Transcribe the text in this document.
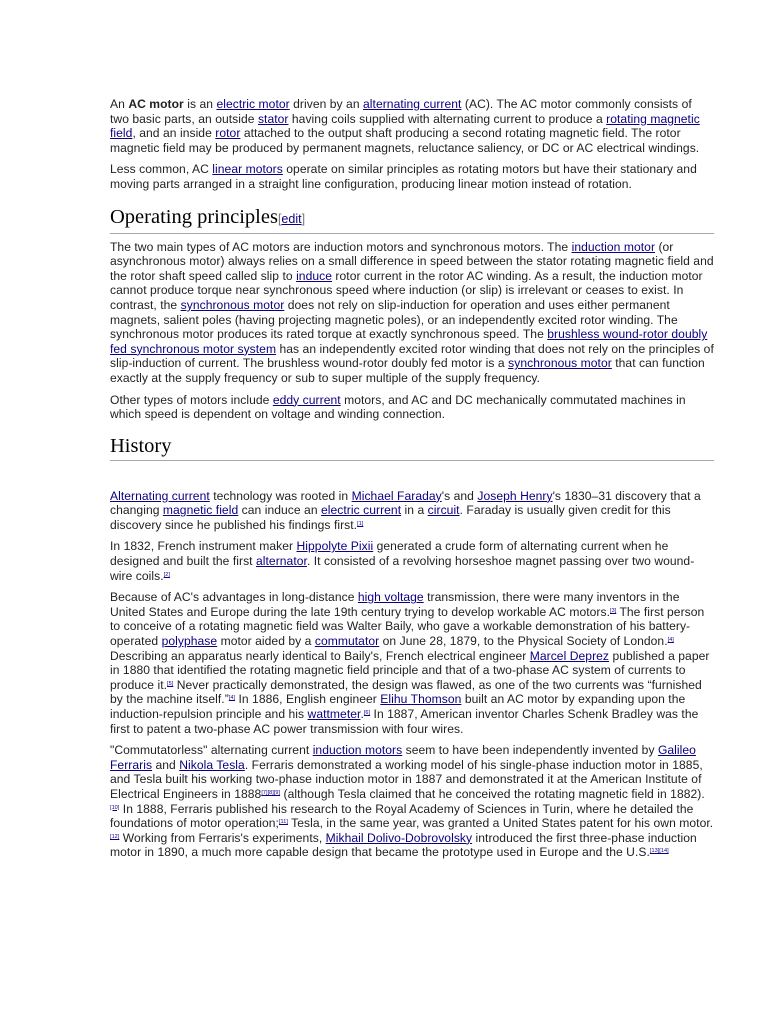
An AC motor is an electric motor driven by an alternating current (AC). The AC motor commonly consists of two basic parts, an outside stator having coils supplied with alternating current to produce a rotating magnetic field, and an inside rotor attached to the output shaft producing a second rotating magnetic field. The rotor magnetic field may be produced by permanent magnets, reluctance saliency, or DC or AC electrical windings.

Less common, AC linear motors operate on similar principles as rotating motors but have their stationary and moving parts arranged in a straight line configuration, producing linear motion instead of rotation.

Operating principles[edit]

The two main types of AC motors are induction motors and synchronous motors. The induction motor (or asynchronous motor) always relies on a small difference in speed between the stator rotating magnetic field and the rotor shaft speed called slip to induce rotor current in the rotor AC winding. As a result, the induction motor cannot produce torque near synchronous speed where induction (or slip) is irrelevant or ceases to exist. In contrast, the synchronous motor does not rely on slip-induction for operation and uses either permanent magnets, salient poles (having projecting magnetic poles), or an independently excited rotor winding. The synchronous motor produces its rated torque at exactly synchronous speed. The brushless wound-rotor doubly fed synchronous motor system has an independently excited rotor winding that does not rely on the principles of slip-induction of current. The brushless wound-rotor doubly fed motor is a synchronous motor that can function exactly at the supply frequency or sub to super multiple of the supply frequency.

Other types of motors include eddy current motors, and AC and DC mechanically commutated machines in which speed is dependent on voltage and winding connection.

History

Alternating current technology was rooted in Michael Faraday's and Joseph Henry's 1830–31 discovery that a changing magnetic field can induce an electric current in a circuit. Faraday is usually given credit for this discovery since he published his findings first.[1]

In 1832, French instrument maker Hippolyte Pixii generated a crude form of alternating current when he designed and built the first alternator. It consisted of a revolving horseshoe magnet passing over two wound-wire coils.[2]

Because of AC's advantages in long-distance high voltage transmission, there were many inventors in the United States and Europe during the late 19th century trying to develop workable AC motors.[3] The first person to conceive of a rotating magnetic field was Walter Baily, who gave a workable demonstration of his battery-operated polyphase motor aided by a commutator on June 28, 1879, to the Physical Society of London.[4] Describing an apparatus nearly identical to Baily's, French electrical engineer Marcel Deprez published a paper in 1880 that identified the rotating magnetic field principle and that of a two-phase AC system of currents to produce it.[5] Never practically demonstrated, the design was flawed, as one of the two currents was “furnished by the machine itself.”[4] In 1886, English engineer Elihu Thomson built an AC motor by expanding upon the induction-repulsion principle and his wattmeter.[6] In 1887, American inventor Charles Schenk Bradley was the first to patent a two-phase AC power transmission with four wires.

"Commutatorless" alternating current induction motors seem to have been independently invented by Galileo Ferraris and Nikola Tesla. Ferraris demonstrated a working model of his single-phase induction motor in 1885, and Tesla built his working two-phase induction motor in 1887 and demonstrated it at the American Institute of Electrical Engineers in 1888[7][8][9] (although Tesla claimed that he conceived the rotating magnetic field in 1882).[10] In 1888, Ferraris published his research to the Royal Academy of Sciences in Turin, where he detailed the foundations of motor operation;[11] Tesla, in the same year, was granted a United States patent for his own motor.[12] Working from Ferraris's experiments, Mikhail Dolivo-Dobrovolsky introduced the first three-phase induction motor in 1890, a much more capable design that became the prototype used in Europe and the U.S.[13][14]
